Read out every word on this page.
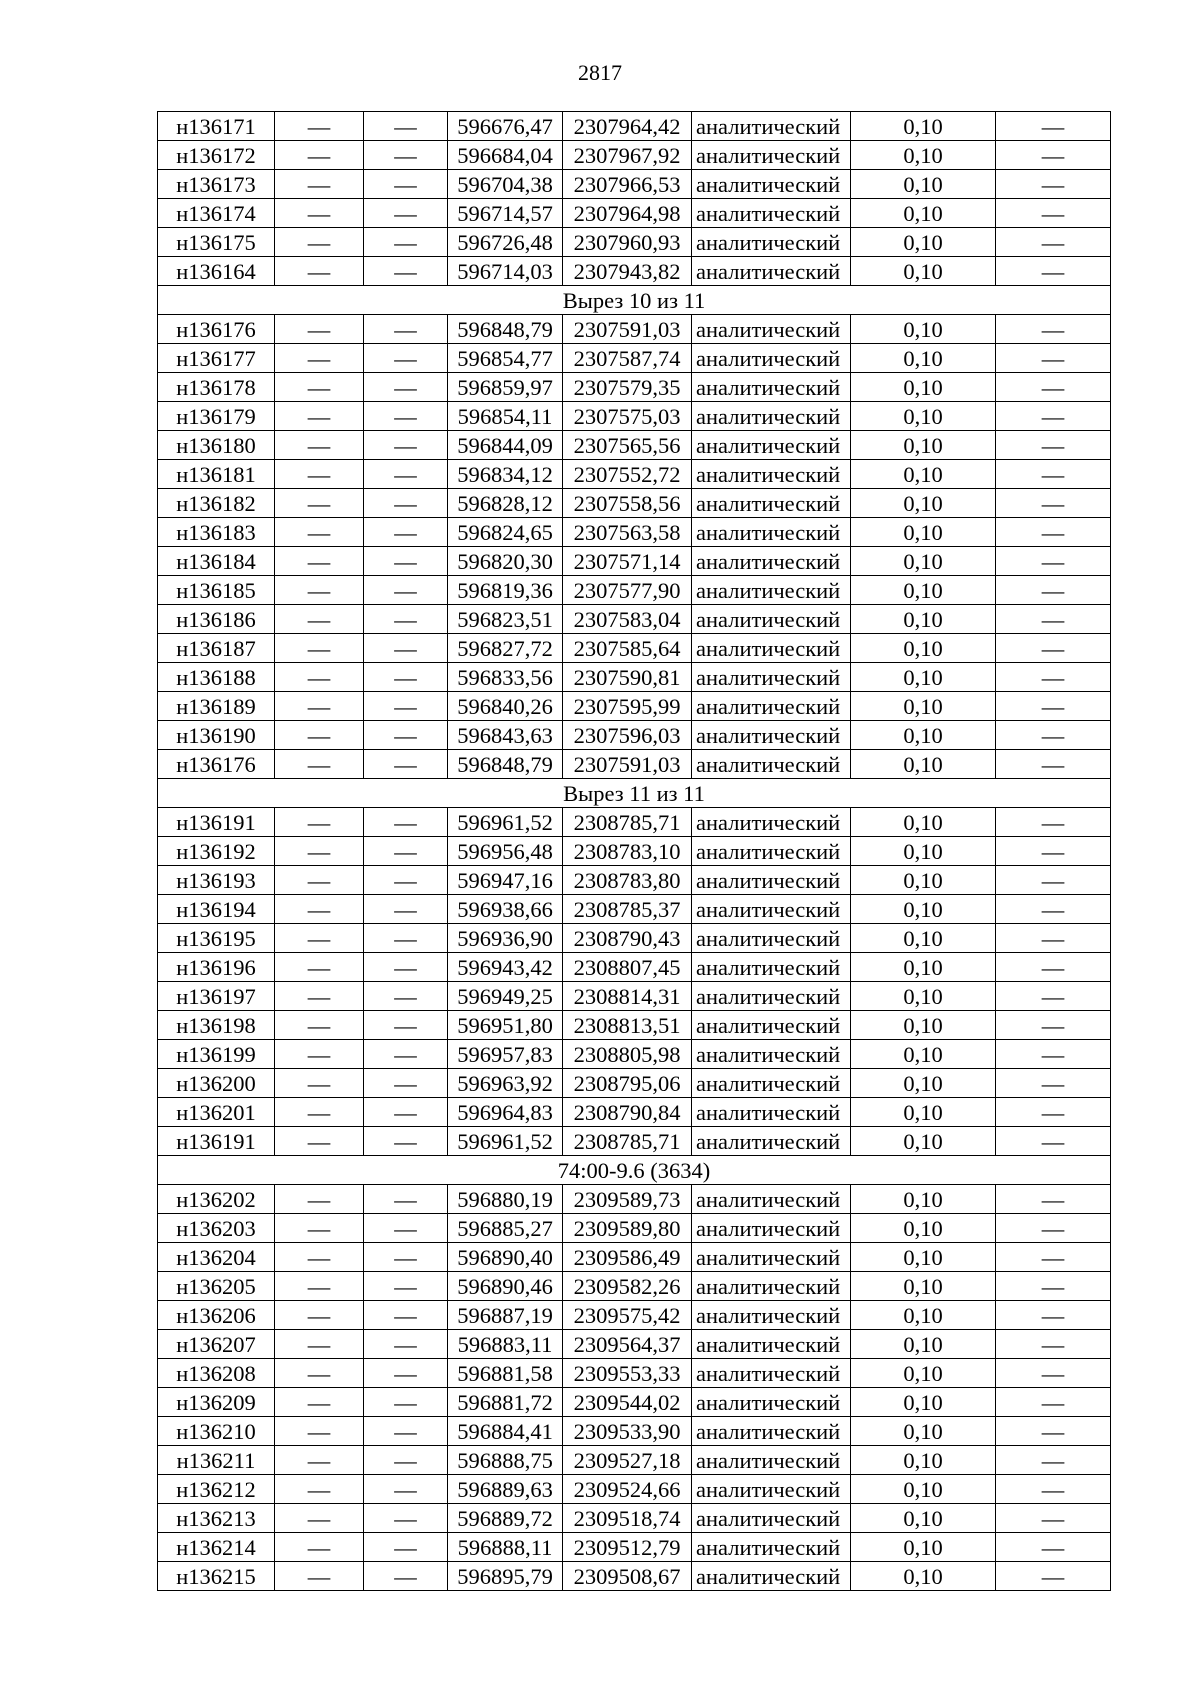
2817
н136171	—	—	596676,47	2307964,42	аналитический	0,10	—
н136172	—	—	596684,04	2307967,92	аналитический	0,10	—
н136173	—	—	596704,38	2307966,53	аналитический	0,10	—
н136174	—	—	596714,57	2307964,98	аналитический	0,10	—
н136175	—	—	596726,48	2307960,93	аналитический	0,10	—
н136164	—	—	596714,03	2307943,82	аналитический	0,10	—
Вырез 10 из 11							
н136176	—	—	596848,79	2307591,03	аналитический	0,10	—
н136177	—	—	596854,77	2307587,74	аналитический	0,10	—
н136178	—	—	596859,97	2307579,35	аналитический	0,10	—
н136179	—	—	596854,11	2307575,03	аналитический	0,10	—
н136180	—	—	596844,09	2307565,56	аналитический	0,10	—
н136181	—	—	596834,12	2307552,72	аналитический	0,10	—
н136182	—	—	596828,12	2307558,56	аналитический	0,10	—
н136183	—	—	596824,65	2307563,58	аналитический	0,10	—
н136184	—	—	596820,30	2307571,14	аналитический	0,10	—
н136185	—	—	596819,36	2307577,90	аналитический	0,10	—
н136186	—	—	596823,51	2307583,04	аналитический	0,10	—
н136187	—	—	596827,72	2307585,64	аналитический	0,10	—
н136188	—	—	596833,56	2307590,81	аналитический	0,10	—
н136189	—	—	596840,26	2307595,99	аналитический	0,10	—
н136190	—	—	596843,63	2307596,03	аналитический	0,10	—
н136176	—	—	596848,79	2307591,03	аналитический	0,10	—
Вырез 11 из 11							
н136191	—	—	596961,52	2308785,71	аналитический	0,10	—
н136192	—	—	596956,48	2308783,10	аналитический	0,10	—
н136193	—	—	596947,16	2308783,80	аналитический	0,10	—
н136194	—	—	596938,66	2308785,37	аналитический	0,10	—
н136195	—	—	596936,90	2308790,43	аналитический	0,10	—
н136196	—	—	596943,42	2308807,45	аналитический	0,10	—
н136197	—	—	596949,25	2308814,31	аналитический	0,10	—
н136198	—	—	596951,80	2308813,51	аналитический	0,10	—
н136199	—	—	596957,83	2308805,98	аналитический	0,10	—
н136200	—	—	596963,92	2308795,06	аналитический	0,10	—
н136201	—	—	596964,83	2308790,84	аналитический	0,10	—
н136191	—	—	596961,52	2308785,71	аналитический	0,10	—
74:00-9.6 (3634)							
н136202	—	—	596880,19	2309589,73	аналитический	0,10	—
н136203	—	—	596885,27	2309589,80	аналитический	0,10	—
н136204	—	—	596890,40	2309586,49	аналитический	0,10	—
н136205	—	—	596890,46	2309582,26	аналитический	0,10	—
н136206	—	—	596887,19	2309575,42	аналитический	0,10	—
н136207	—	—	596883,11	2309564,37	аналитический	0,10	—
н136208	—	—	596881,58	2309553,33	аналитический	0,10	—
н136209	—	—	596881,72	2309544,02	аналитический	0,10	—
н136210	—	—	596884,41	2309533,90	аналитический	0,10	—
н136211	—	—	596888,75	2309527,18	аналитический	0,10	—
н136212	—	—	596889,63	2309524,66	аналитический	0,10	—
н136213	—	—	596889,72	2309518,74	аналитический	0,10	—
н136214	—	—	596888,11	2309512,79	аналитический	0,10	—
н136215	—	—	596895,79	2309508,67	аналитический	0,10	—
